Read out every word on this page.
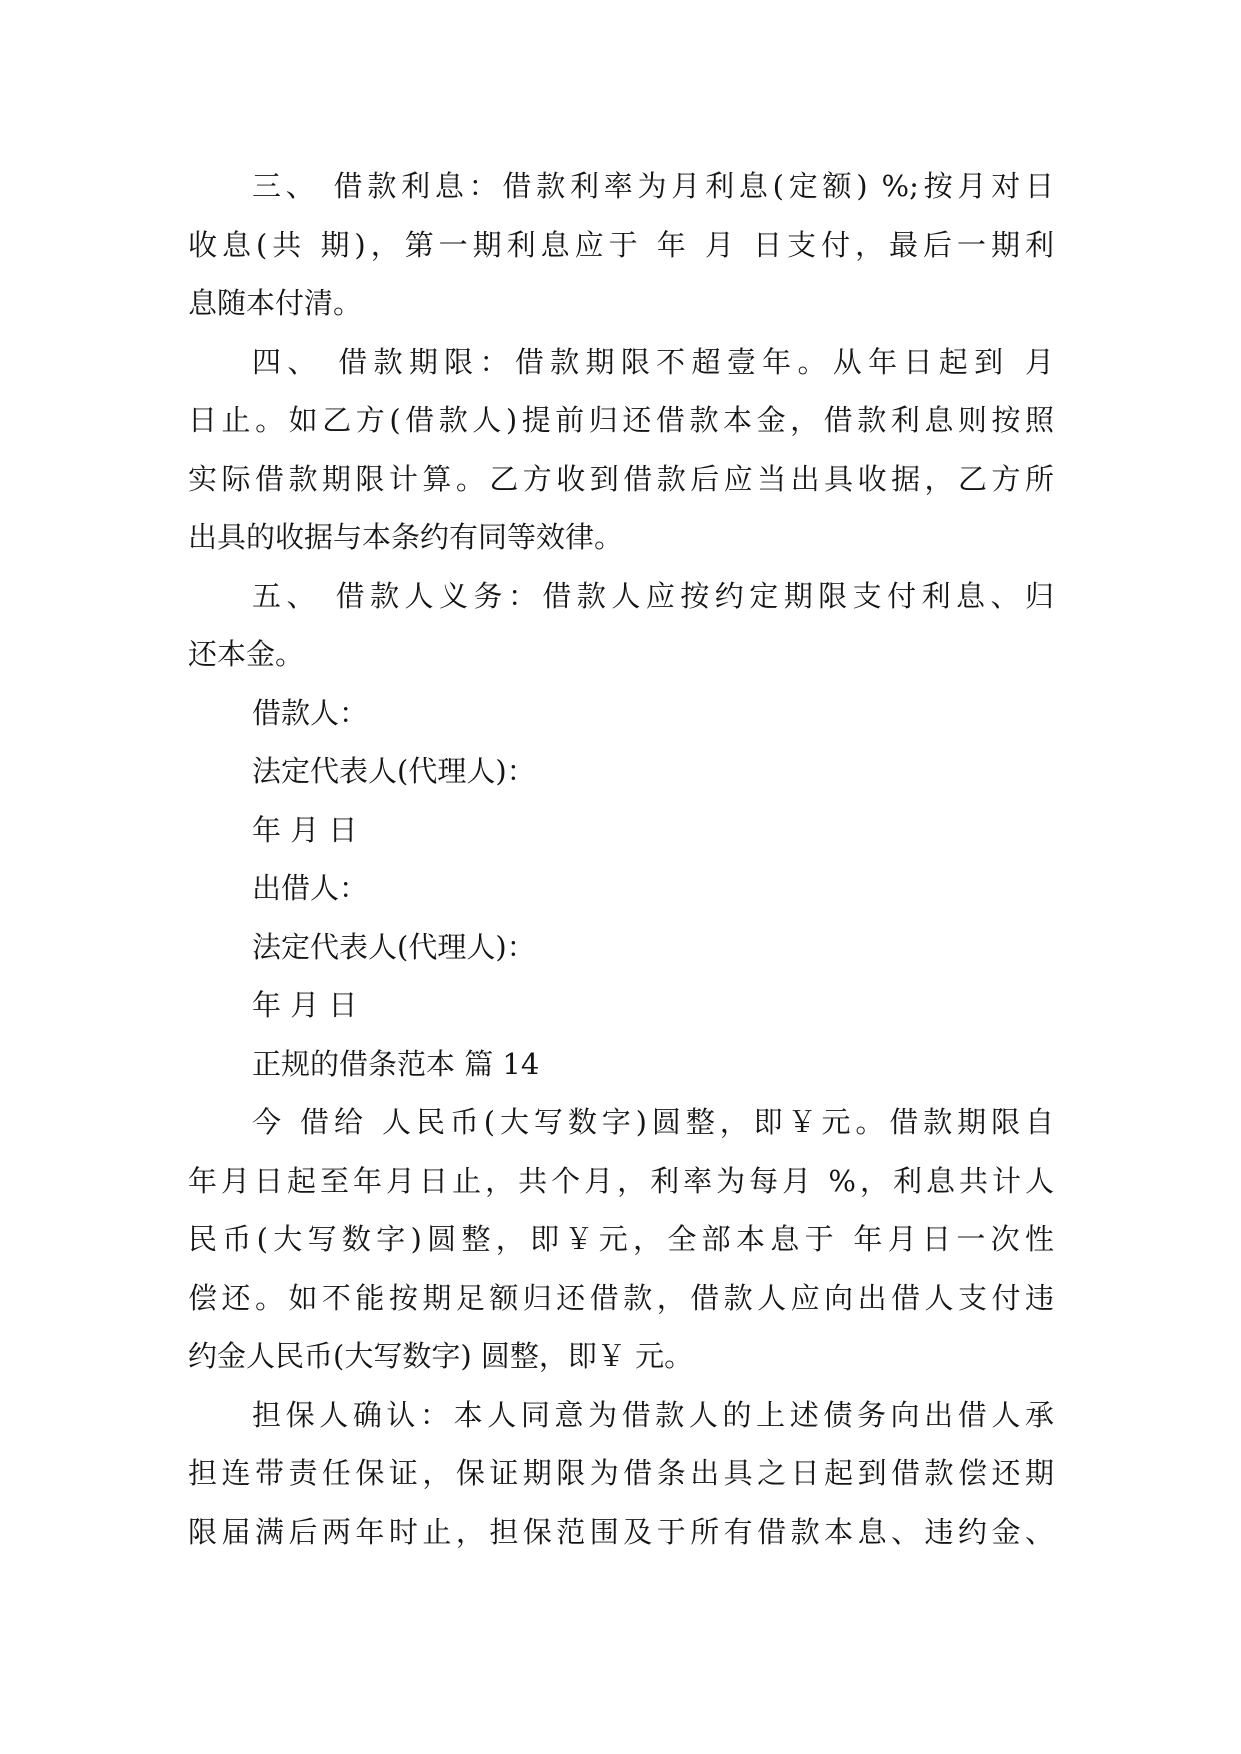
三、 借款利息：借款利率为月利息(定额) %;按月对日
收息(共 期)，第一期利息应于 年 月 日支付，最后一期利
息随本付清。
四、 借款期限：借款期限不超壹年。从年日起到 月
日止。如乙方(借款人)提前归还借款本金，借款利息则按照
实际借款期限计算。乙方收到借款后应当出具收据，乙方所
出具的收据与本条约有同等效律。
五、 借款人义务：借款人应按约定期限支付利息、归
还本金。
借款人：
法定代表人(代理人)：
年 月 日
出借人：
法定代表人(代理人)：
年 月 日
正规的借条范本 篇 14
今 借给 人民币(大写数字)圆整，即￥元。借款期限自
年月日起至年月日止，共个月，利率为每月 %，利息共计人
民币(大写数字)圆整，即￥元，全部本息于 年月日一次性
偿还。如不能按期足额归还借款，借款人应向出借人支付违
约金人民币(大写数字) 圆整，即￥ 元。
担保人确认：本人同意为借款人的上述债务向出借人承
担连带责任保证，保证期限为借条出具之日起到借款偿还期
限届满后两年时止，担保范围及于所有借款本息、违约金、
